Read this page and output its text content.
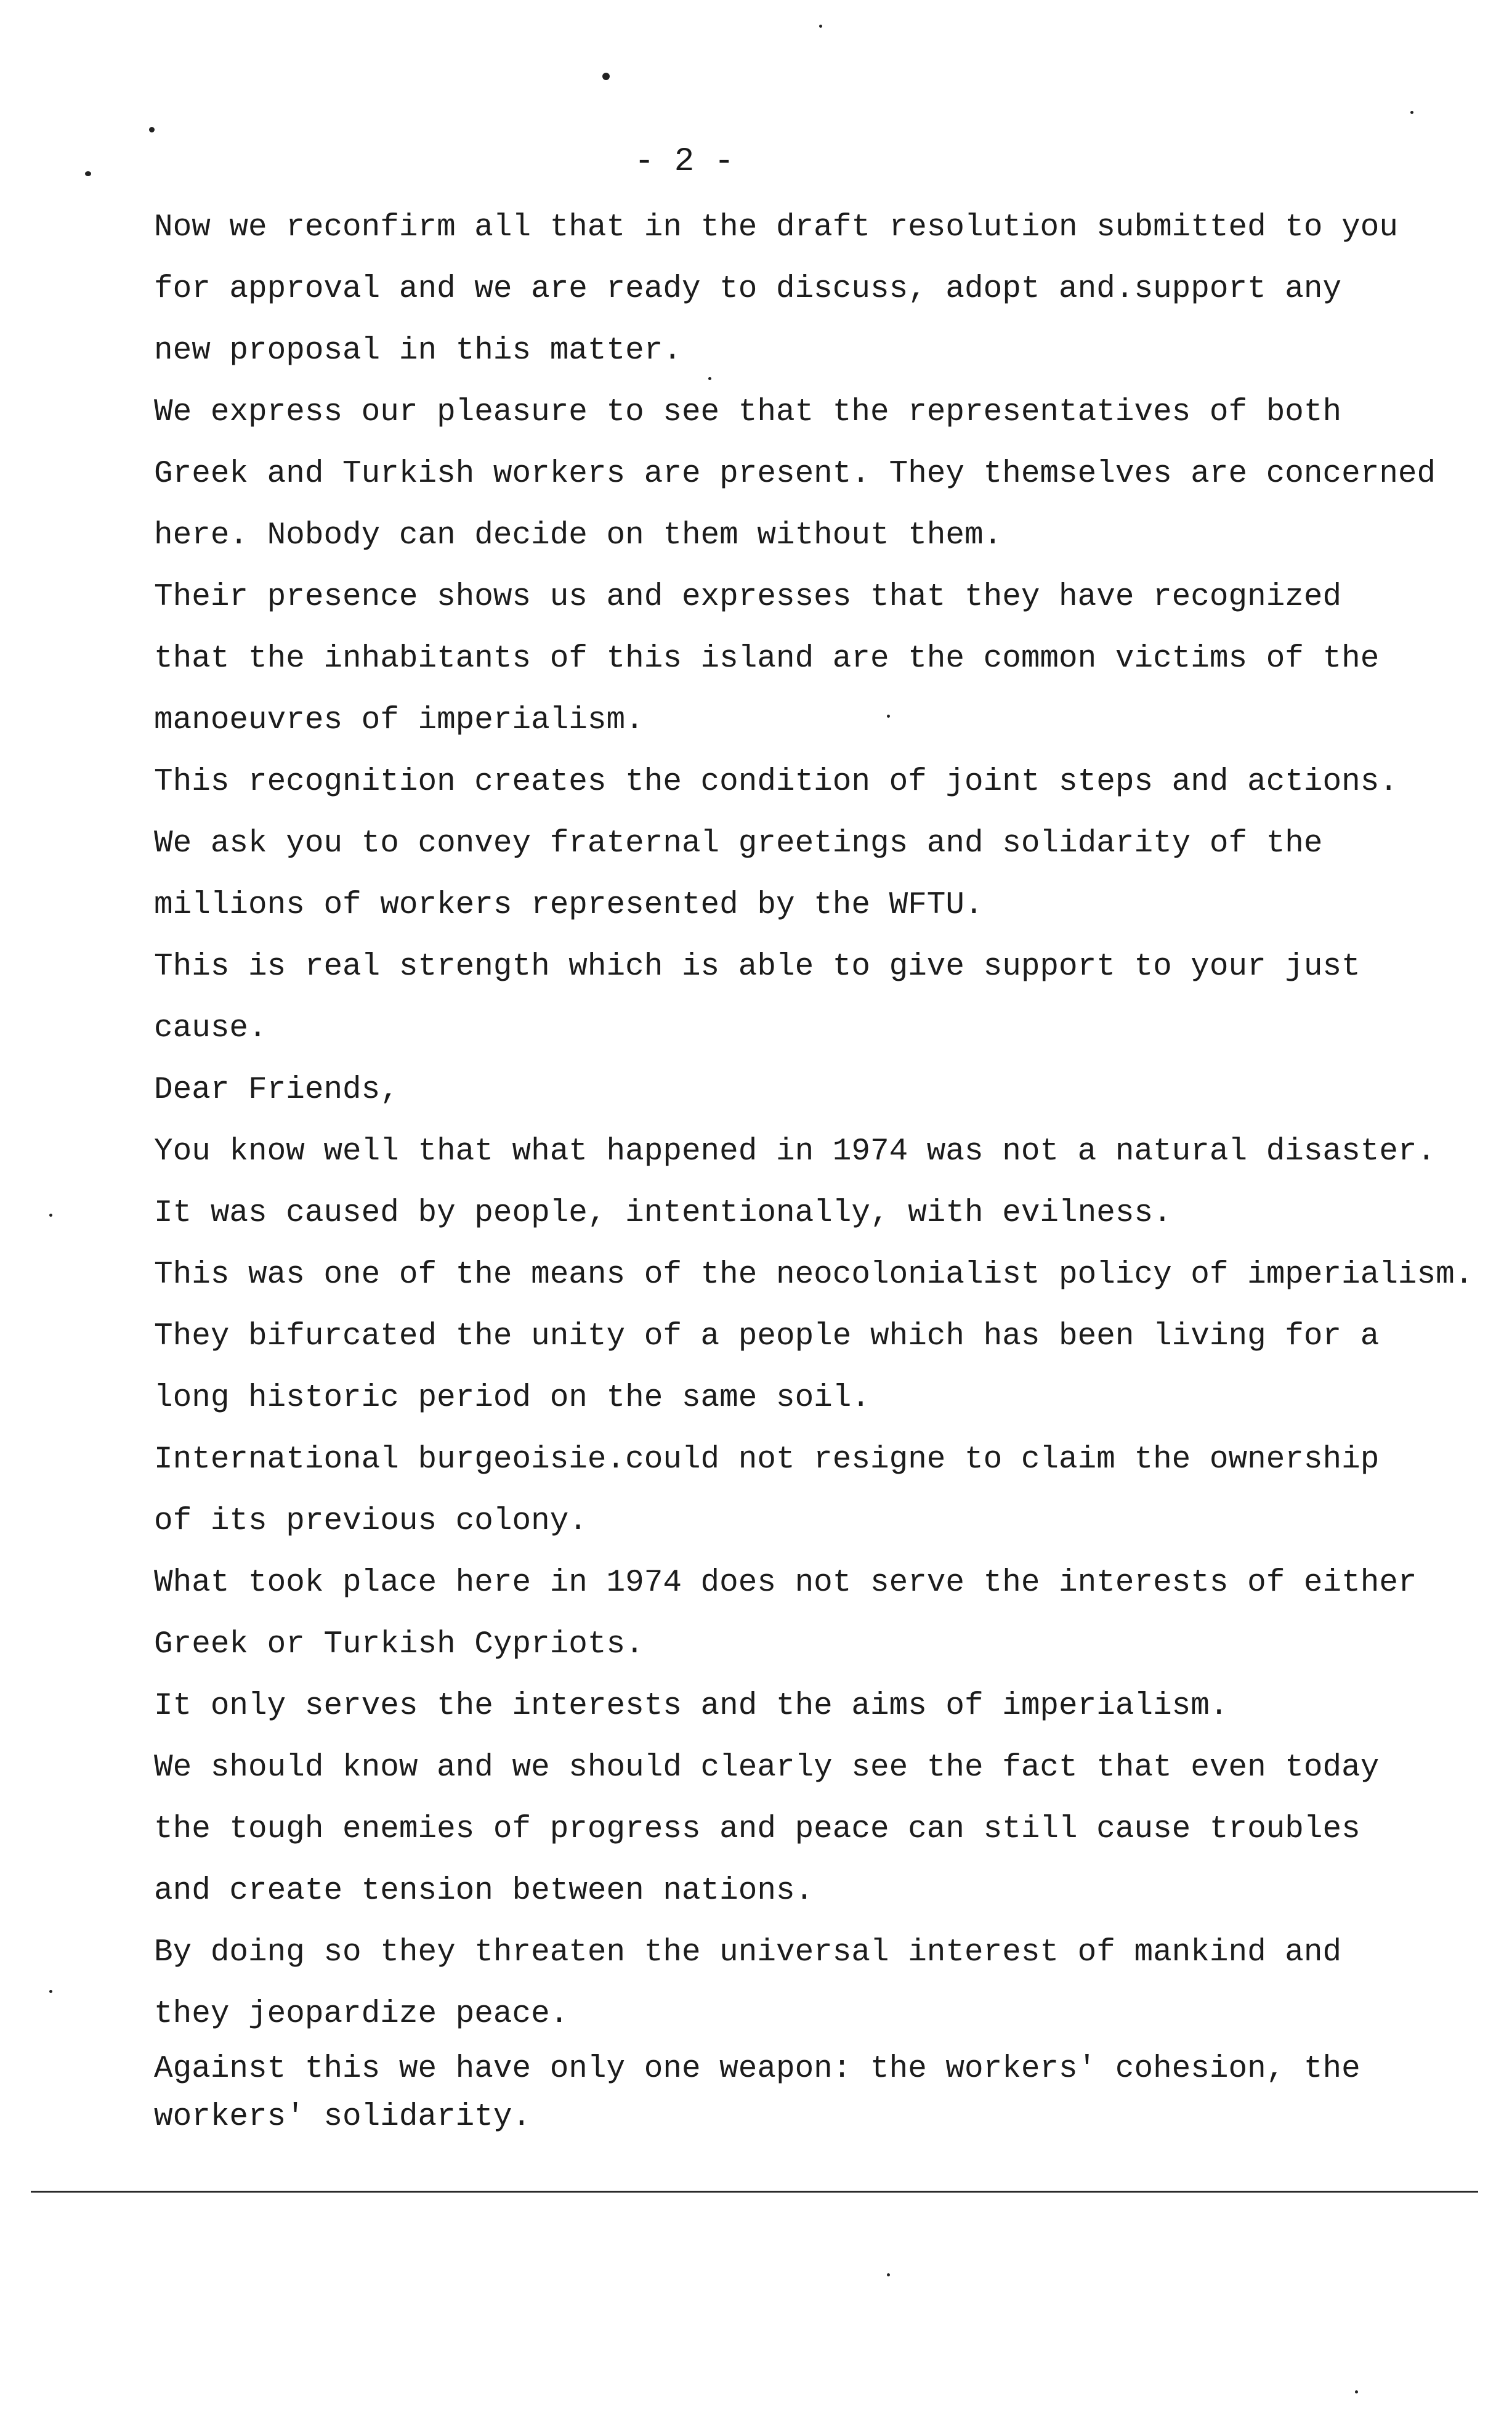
- 2 -
Now we reconfirm all that in the draft resolution submitted to you
for approval and we are ready to discuss, adopt and.support any
new proposal in this matter.
We express our pleasure to see that the representatives of both
Greek and Turkish workers are present. They themselves are concerned
here. Nobody can decide on them without them.
Their presence shows us and expresses that they have recognized
that the inhabitants of this island are the common victims of the
manoeuvres of imperialism.
This recognition creates the condition of joint steps and actions.
We ask you to convey fraternal greetings and solidarity of the
millions of workers represented by the WFTU.
This is real strength which is able to give support to your just
cause.
Dear Friends,
You know well that what happened in 1974 was not a natural disaster.
It was caused by people, intentionally, with evilness.
This was one of the means of the neocolonialist policy of imperialism.
They bifurcated the unity of a people which has been living for a
long historic period on the same soil.
International burgeoisie.could not resigne to claim the ownership
of its previous colony.
What took place here in 1974 does not serve the interests of either
Greek or Turkish Cypriots.
It only serves the interests and the aims of imperialism.
We should know and we should clearly see the fact that even today
the tough enemies of progress and peace can still cause troubles
and create tension between nations.
By doing so they threaten the universal interest of mankind and
they jeopardize peace.
Against this we have only one weapon: the workers' cohesion, the
workers' solidarity.
